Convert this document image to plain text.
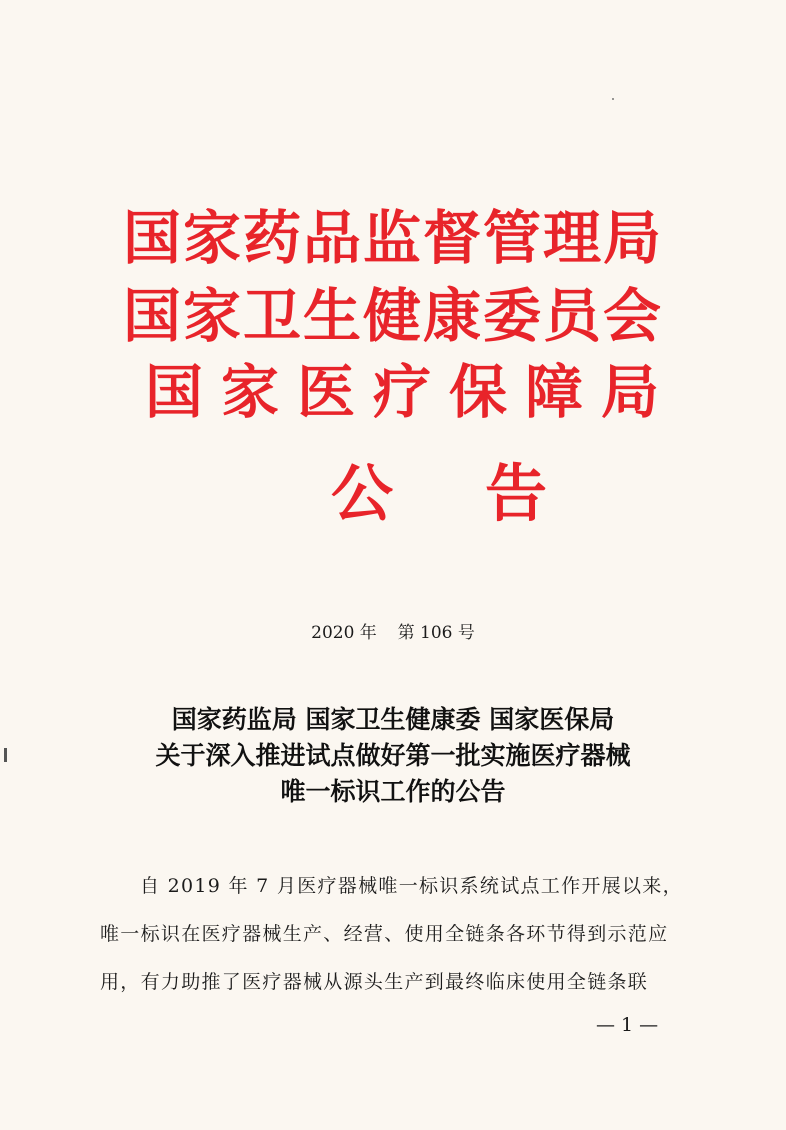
国家药品监督管理局
国家卫生健康委员会
国家医疗保障局
公告
2020 年 第 106 号
国家药监局 国家卫生健康委 国家医保局
关于深入推进试点做好第一批实施医疗器械
唯一标识工作的公告
自 2019 年 7 月医疗器械唯一标识系统试点工作开展以来，
唯一标识在医疗器械生产、经营、使用全链条各环节得到示范应
用，有力助推了医疗器械从源头生产到最终临床使用全链条联
— 1 —
